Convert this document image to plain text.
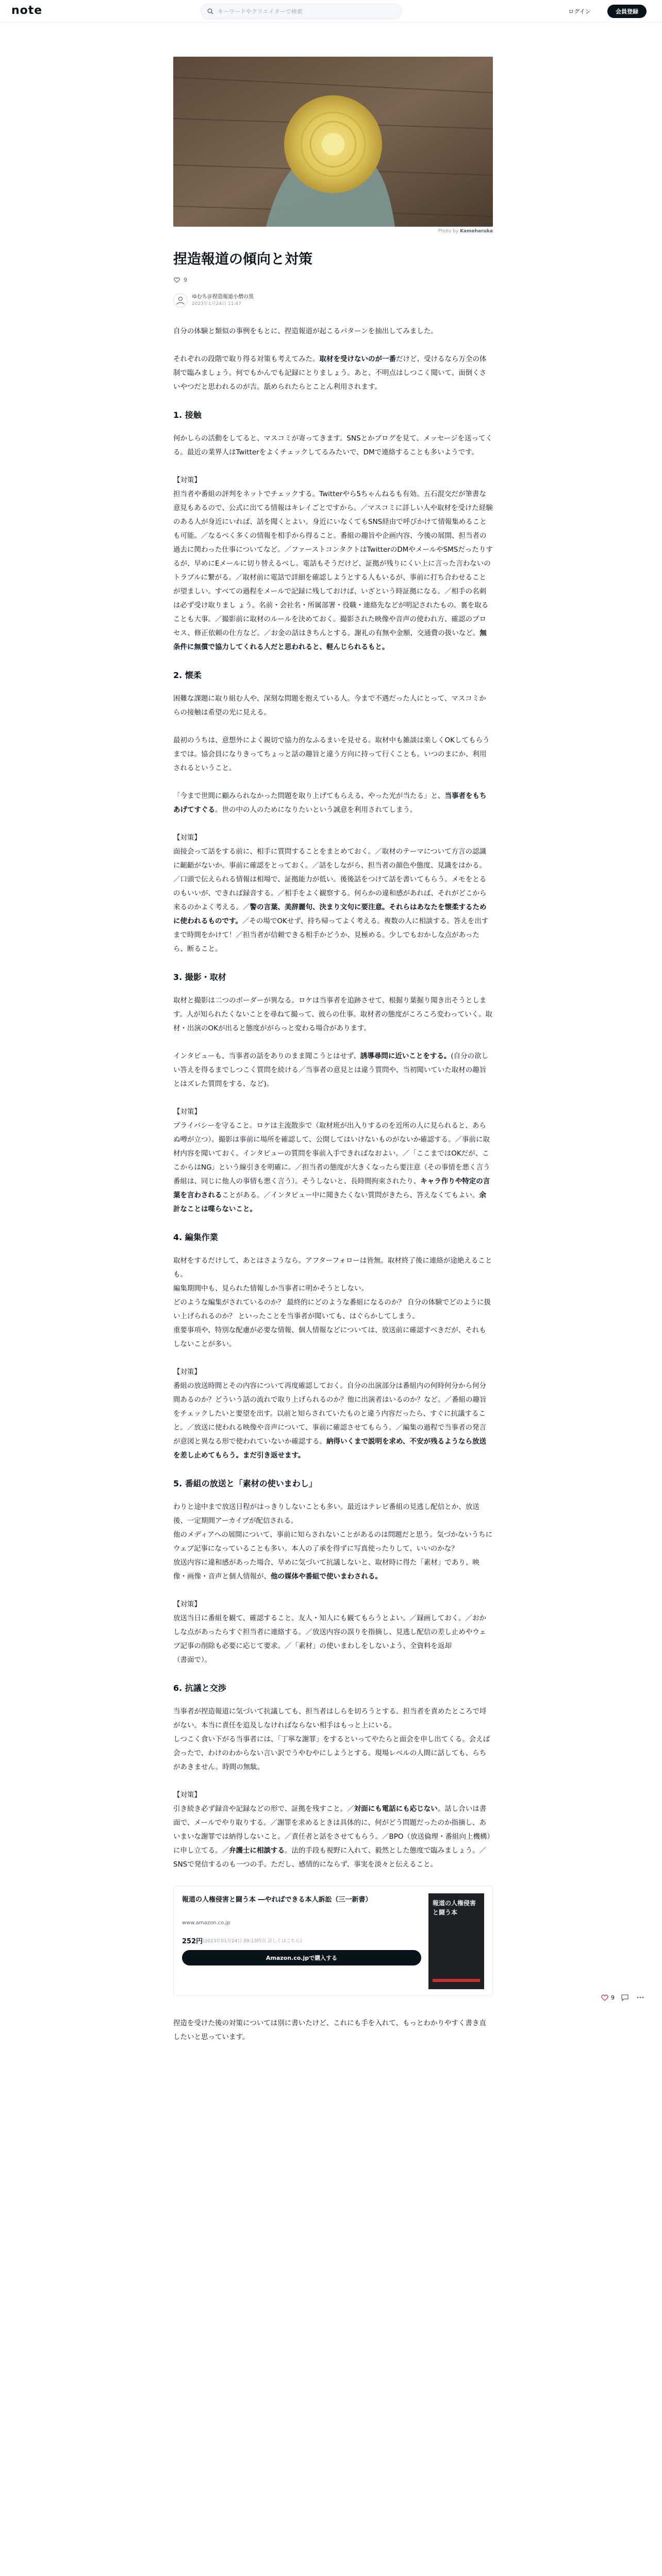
note	キーワードやクリエイターで検索	ログイン	会員登録
Photo by Kameharuka
捏造報道の傾向と対策
9
ゆむち＠捏造報道小僧の黒
2023年1月24日 11:47

自分の体験と類似の事例をもとに、捏造報道が起こるパターンを抽出してみました。

それぞれの段階で取り得る対策も考えてみた。取材を受けないのが一番だけど、受けるなら万全の体制で臨みましょう。何でもかんでも記録にとりましょう。あと、不明点はしつこく聞いて、面倒くさいやつだと思われるのが吉。舐められたらとことん利用されます。

1. 接触

何かしらの活動をしてると、マスコミが寄ってきます。SNSとかブログを見て、メッセージを送ってくる。最近の業界人はTwitterをよくチェックしてるみたいで、DMで連絡することも多いようです。

【対策】
担当者や番組の評判をネットでチェックする。Twitterやら5ちゃんねるも有効。五石混交だが筆書な意見もあるので、公式に出てる情報はキレイごとですから。／マスコミに詳しい人や取材を受けた経験のある人が身近にいれば、話を聞くとよい。身近にいなくてもSNS経由で呼びかけて情報集めることも可能。／なるべく多くの情報を相手から得ること。番組の趣旨や企画内容、今後の展開、担当者の過去に関わった仕事についてなど。／ファーストコンタクトはTwitterのDMやメールやSMSだったりするが、早めにEメールに切り替えるべし。電話もそうだけど、証拠が残りにくい上に言った言わないのトラブルに繋がる。／取材前に電話で詳細を確認しようとする人もいるが、事前に打ち合わせることが望ましい。すべての過程をメールで記録に残しておけば、いざという時証拠になる。／相手の名刺は必ず受け取りまし ょう。名前・会社名・所属部署・役職・連絡先などが明記されたもの。裏を取ることも大事。／撮影前に取材のルールを決めておく。撮影された映像や音声の使われ方、確認のプロセス、修正依頼の仕方など。／お金の話はきちんとする。謝礼の有無や金額、交通費の扱いなど。無条件に無償で協力してくれる人だと思われると、軽んじられるもと。

2. 懐柔

困難な課題に取り組む人や、深刻な問題を抱えている人。今まで不遇だった人にとって、マスコミからの接触は希望の光に見える。

最初のうちは、意想外によく親切で協力的なふるまいを見せる。取材中も雑談は楽しくOKしてもらうまでは。協会員になりきってちょっと話の趣旨と違う方向に持って行くことも。いつのまにか、利用されるということ。

「今まで世間に顧みられなかった問題を取り上げてもらえる、やった光が当たる」と、当事者をもちあげてすぐる。世の中の人のためになりたいという誠意を利用されてしまう。

【対策】
面接会って話をする前に、相手に質問することをまとめておく。／取材のテーマについて方言の認識に齟齬がないか。事前に確認をとっておく。／話をしながら、担当者の顔色や態度、見識をはかる。／口頭で伝えられる情報は相場で、証拠能力が低い。後後話をつけて話を書いてもらう。メモをとるのもいいが、できれば録音する。／相手をよく観察する。何らかの違和感があれば、それがどこから来るのかよく考える。／警の言葉、美辞麗句、決まり文句に要注意。それらはあなたを懐柔するために使われるものです。／その場でOKせず、持ち帰ってよく考える。複数の人に相談する。答えを出すまで時間をかけて！／担当者が信頼できる相手かどうか、見極める。少しでもおかしな点があったら、断ること。

3. 撮影・取材

取材と撮影は二つのボーダーが異なる。ロケは当事者を追跡させて、根掘り葉掘り聞き出そうとします。人が知られたくないことを尋ねて撮って、彼らの仕事。取材者の態度がころころ変わっていく。取材・出演のOKが出ると態度ががらっと変わる場合があります。

インタビューも、当事者の話をありのまま聞こうとはせず、誘導尋問に近いことをする。(自分の欲しい答えを得るまでしつこく質問を続ける／当事者の意見とは違う質問や、当初聞いていた取材の趣旨とはズレた質問をする、など)。

【対策】
プライバシーを守ること。ロケは主流散歩で（取材班が出入りするのを近所の人に見られると、あらぬ噂が立つ）。撮影は事前に場所を確認して、公開してはいけないものがないか確認する。／事前に取材内容を聞いておく。インタビューの質問を事前入手できればなおよい。／「ここまではOKだが、ここからはNG」という線引きを明確に。／担当者の態度が大きくなったら要注意（その事情を悪く言う番組は、同じに他人の事情も悪く言う）。そうしないと、長時間拘束されたり、キャラ作りや特定の言葉を言わされることがある。／インタビュー中に聞きたくない質問がきたら、答えなくてもよい。余計なことは喋らないこと。

4. 編集作業

取材をするだけして、あとはさようなら。アフターフォローは皆無。取材終了後に連絡が途絶えることも。
編集期間中も、見られた情報しか当事者に明かそうとしない。
どのような編集がされているのか？ 最終的にどのような番組になるのか？ 自分の体験でどのように扱い上げられるのか？ といったことを当事者が聞いても、はぐらかしてしまう。
重要事項や、特別な配慮が必要な情報、個人情報などについては、放送前に確認すべきだが、それもしないことが多い。

【対策】
番組の放送時間とその内容について再度確認しておく。自分の出演部分は番組内の何時何分から何分間あるのか？どういう話の流れで取り上げられるのか？他に出演者はいるのか？など。／番組の趣旨をチェックしたいと要望を出す。以前と知らされていたものと違う内容だったら、すぐに抗議すること。／放送に使われる映像や音声について、事前に確認させてもらう。／編集の過程で当事者の発言が意図と異なる形で使われていないか確認する。納得いくまで説明を求め、不安が残るようなら放送を差し止めてもらう。まだ引き返せます。

5. 番組の放送と「素材の使いまわし」

わりと途中まで放送日程がはっきりしないことも多い。最近はテレビ番組の見逃し配信とか、放送後、一定期間アーカイブが配信される。
他のメディアへの展開について、事前に知らされないことがあるのは問題だと思う。気づかないうちにウェブ記事になっていることも多い。本人の了承を得ずに写真使ったりして、いいのかな？
放送内容に違和感があった場合、早めに気づいて抗議しないと、取材時に得た「素材」であり、映像・画像・音声と個人情報が、他の媒体や番組で使いまわされる。

【対策】
放送当日に番組を観て、確認すること。友人・知人にも観てもらうとよい。／録画しておく。／おかしな点があったらすぐ担当者に連絡する。／放送内容の誤りを指摘し、見逃し配信の差し止めやウェブ記事の削除も必要に応じて要求。／「素材」の使いまわしをしないよう、全資料を返却
（書面で）。

6. 抗議と交渉

当事者が捏造報道に気づいて抗議しても、担当者はしらを切ろうとする。担当者を責めたところで埒がない。本当に責任を追及しなければならない相手はもっと上にいる。
しつこく食い下がる当事者には、「丁寧な謝罪」をするといってやたらと面会を申し出てくる。会えば会ったで、わけのわからない言い訳でうやむやにしようとする。現場レベルの人間に話しても、らちがあきません。時間の無駄。

【対策】
引き続き必ず録音や記録などの形で、証拠を残すこと。／対面にも電話にも応じない。話し合いは書面で、メールでやり取りする。／謝罪を求めるときは具体的に、何がどう問題だったのか指摘し、あいまいな謝罪では納得しないこと。／責任者と話をさせてもらう。／BPO（放送倫理・番組向上機構）に申し立てる。／弁護士に相談する。法的手段も視野に入れて、毅然とした態度で臨みましょう。／SNSで発信するのも一つの手。ただし、感情的にならず、事実を淡々と伝えること。

報道の人権侵害と闘う本 ―やればできる本人訴訟（三一新書）
www.amazon.co.jp
252円 (2023年01月24日 09:13時点 詳しくはこちら)
Amazon.co.jpで購入する
報道の人権侵害と闘う本

捏造を受けた後の対策については別に書いたけど、これにも手を入れて、もっとわかりやすく書き直したいと思っています。

9
